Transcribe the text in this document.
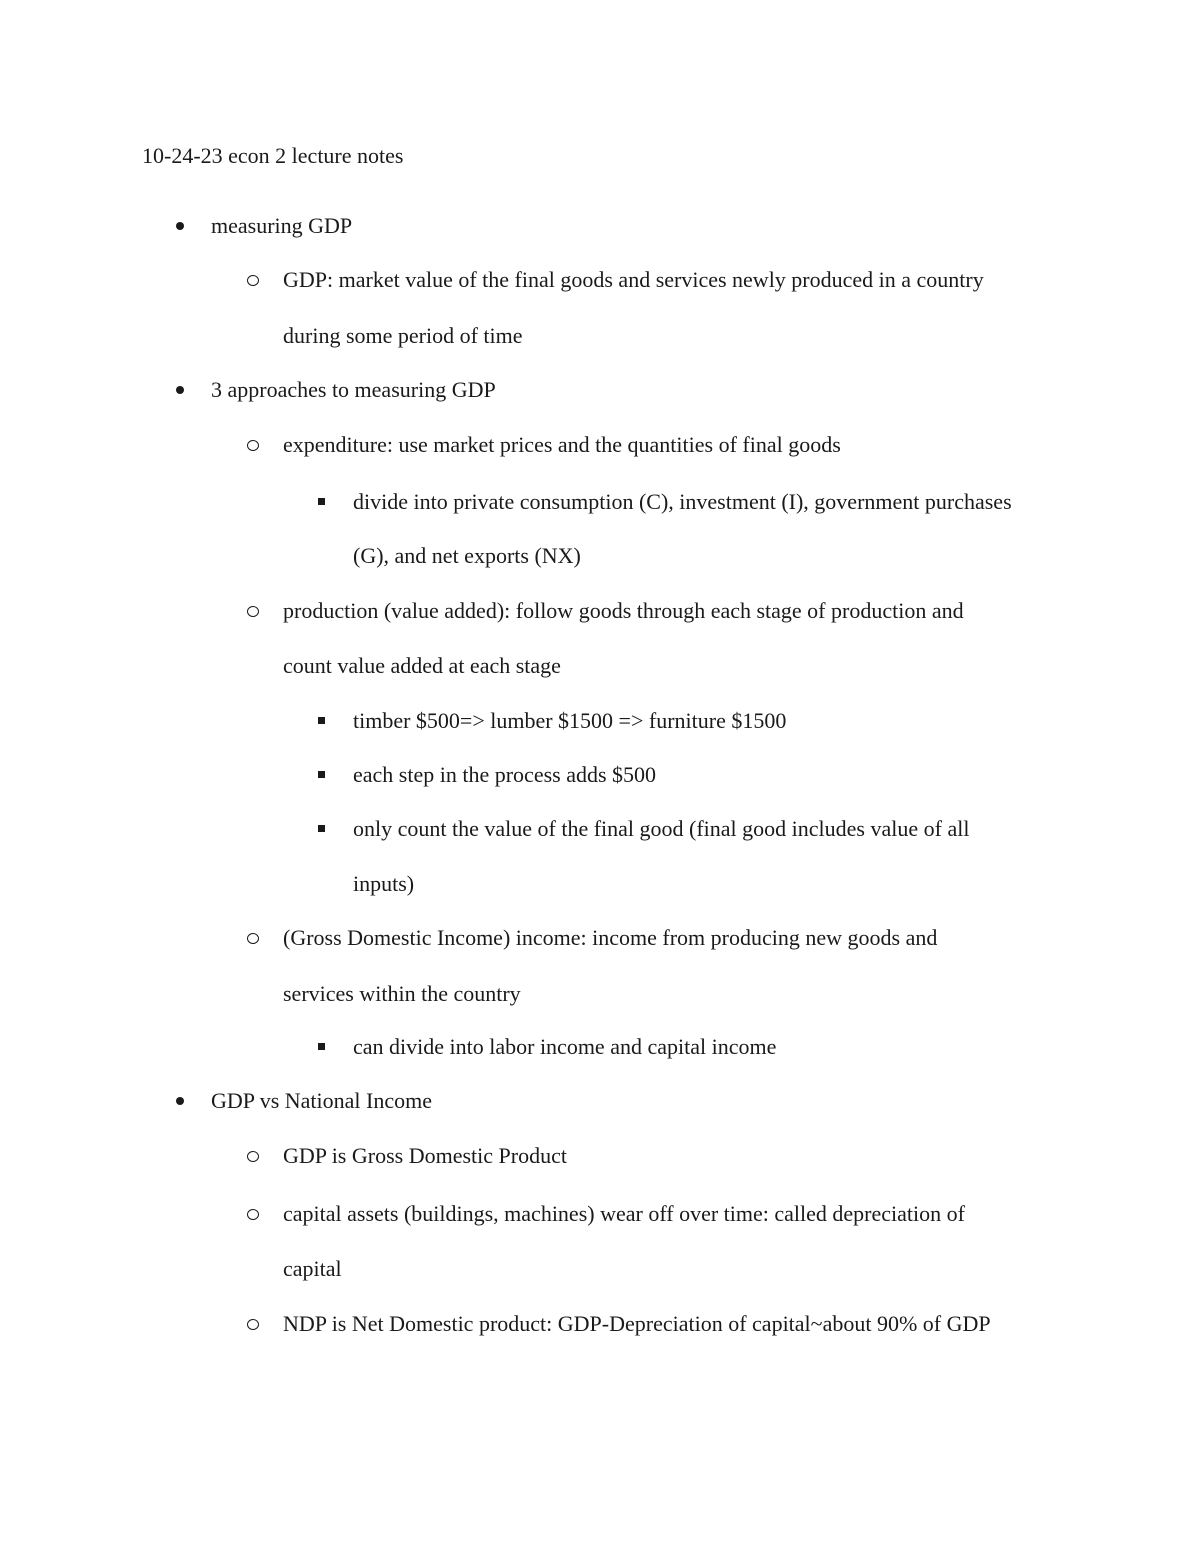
10-24-23 econ 2 lecture notes
measuring GDP
GDP: market value of the final goods and services newly produced in a country
during some period of time
3 approaches to measuring GDP
expenditure: use market prices and the quantities of final goods
divide into private consumption (C), investment (I), government purchases
(G), and net exports (NX)
production (value added): follow goods through each stage of production and
count value added at each stage
timber $500=> lumber $1500 => furniture $1500
each step in the process adds $500
only count the value of the final good (final good includes value of all
inputs)
(Gross Domestic Income) income: income from producing new goods and
services within the country
can divide into labor income and capital income
GDP vs National Income
GDP is Gross Domestic Product
capital assets (buildings, machines) wear off over time: called depreciation of
capital
NDP is Net Domestic product: GDP-Depreciation of capital~about 90% of GDP
